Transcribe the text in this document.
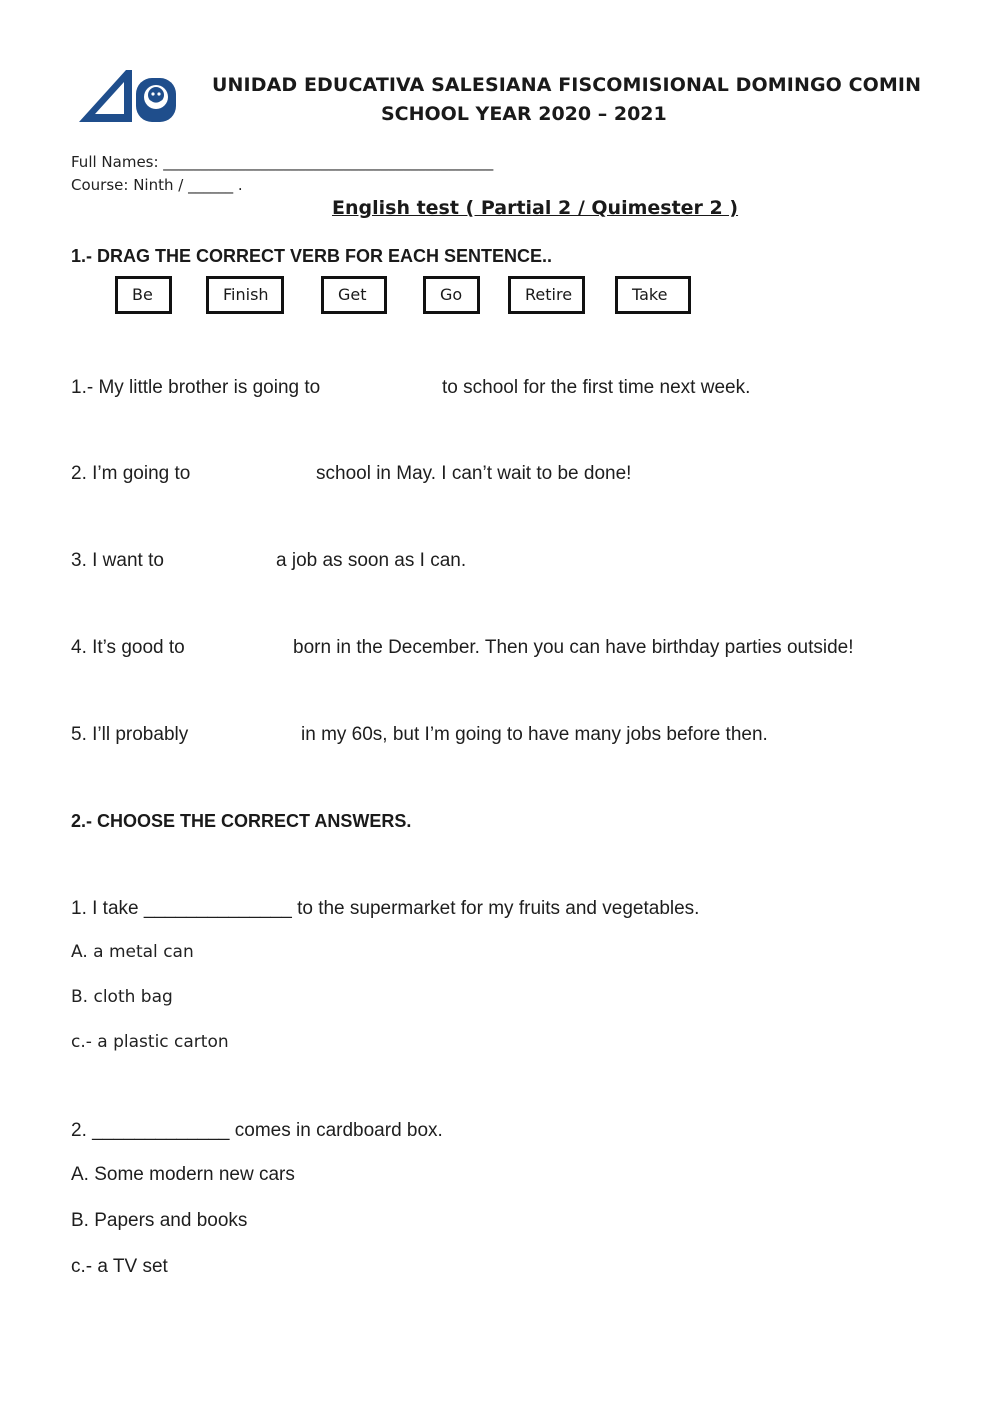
UNIDAD EDUCATIVA SALESIANA FISCOMISIONAL DOMINGO COMIN
SCHOOL YEAR 2020 – 2021
Full Names: ____________________________________________
Course: Ninth / ______ .
English test ( Partial 2 / Quimester 2 )
1.- DRAG THE CORRECT VERB FOR EACH SENTENCE..
Be	Finish	Get	Go	Retire	Take
1.- My little brother is going to	to school for the first time next week.
2. I’m going to	school in May. I can’t wait to be done!
3. I want to	a job as soon as I can.
4. It’s good to	born in the December. Then you can have birthday parties outside!
5. I’ll probably	in my 60s, but I’m going to have many jobs before then.
2.- CHOOSE THE CORRECT ANSWERS.
1. I take ______________ to the supermarket for my fruits and vegetables.
A. a metal can
B. cloth bag
c.- a plastic carton
2. _____________ comes in cardboard box.
A. Some modern new cars
B. Papers and books
c.- a TV set
